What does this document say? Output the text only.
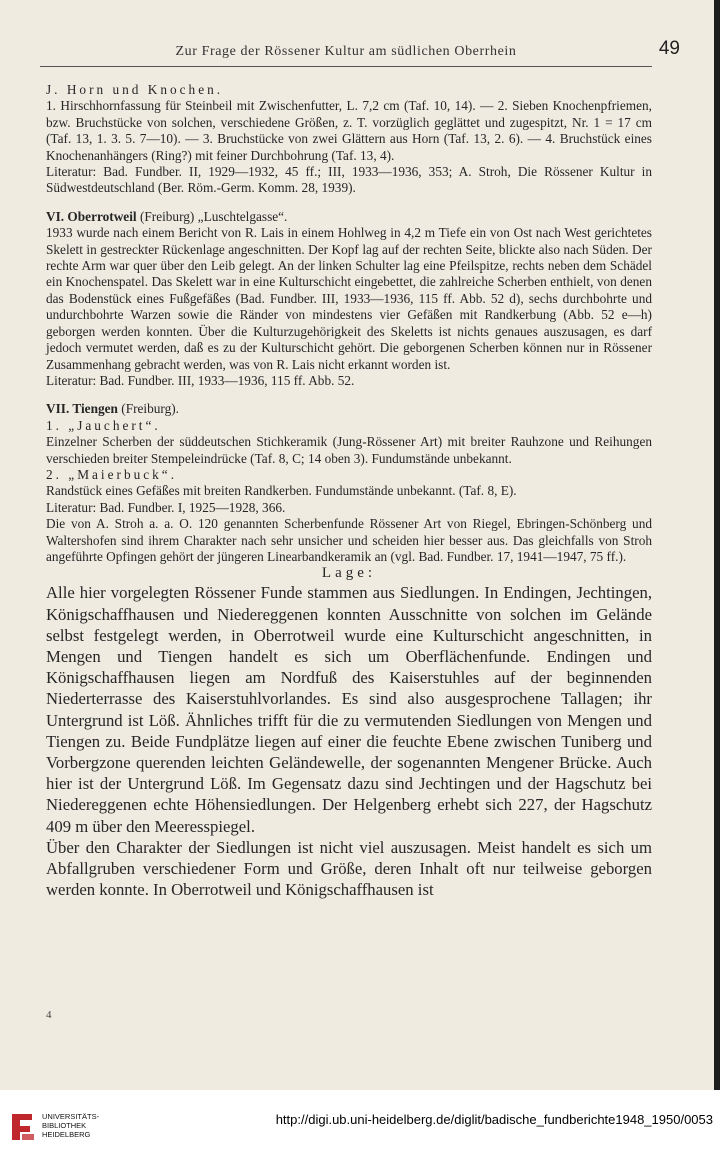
Zur Frage der Rössener Kultur am südlichen Oberrhein	49

J. Horn und Knochen.

1. Hirschhornfassung für Steinbeil mit Zwischenfutter, L. 7,2 cm (Taf. 10, 14). — 2. Sieben Knochenpfriemen, bzw. Bruchstücke von solchen, verschiedene Größen, z. T. vorzüglich geglättet und zugespitzt, Nr. 1 = 17 cm (Taf. 13, 1. 3. 5. 7—10). — 3. Bruchstücke von zwei Glättern aus Horn (Taf. 13, 2. 6). — 4. Bruchstück eines Knochenanhängers (Ring?) mit feiner Durchbohrung (Taf. 13, 4).

Literatur: Bad. Fundber. II, 1929—1932, 45 ff.; III, 1933—1936, 353; A. Stroh, Die Rössener Kultur in Südwestdeutschland (Ber. Röm.-Germ. Komm. 28, 1939).

VI. Oberrotweil (Freiburg) „Luschtelgasse“.

1933 wurde nach einem Bericht von R. Lais in einem Hohlweg in 4,2 m Tiefe ein von Ost nach West gerichtetes Skelett in gestreckter Rückenlage angeschnitten. Der Kopf lag auf der rechten Seite, blickte also nach Süden. Der rechte Arm war quer über den Leib gelegt. An der linken Schulter lag eine Pfeilspitze, rechts neben dem Schädel ein Knochenspatel. Das Skelett war in eine Kulturschicht eingebettet, die zahlreiche Scherben enthielt, von denen das Bodenstück eines Fußgefäßes (Bad. Fundber. III, 1933—1936, 115 ff. Abb. 52 d), sechs durchbohrte und undurchbohrte Warzen sowie die Ränder von mindestens vier Gefäßen mit Randkerbung (Abb. 52 e—h) geborgen werden konnten. Über die Kulturzugehörigkeit des Skeletts ist nichts genaues auszusagen, es darf jedoch vermutet werden, daß es zu der Kulturschicht gehört. Die geborgenen Scherben können nur in Rössener Zusammenhang gebracht werden, was von R. Lais nicht erkannt worden ist.

Literatur: Bad. Fundber. III, 1933—1936, 115 ff. Abb. 52.

VII. Tiengen (Freiburg).

1. „Jauchert“.

Einzelner Scherben der süddeutschen Stichkeramik (Jung-Rössener Art) mit breiter Rauhzone und Reihungen verschieden breiter Stempeleindrücke (Taf. 8, C; 14 oben 3). Fundumstände unbekannt.

2. „Maierbuck“.

Randstück eines Gefäßes mit breiten Randkerben. Fundumstände unbekannt. (Taf. 8, E).

Literatur: Bad. Fundber. I, 1925—1928, 366.

Die von A. Stroh a. a. O. 120 genannten Scherbenfunde Rössener Art von Riegel, Ebringen-Schönberg und Waltershofen sind ihrem Charakter nach sehr unsicher und scheiden hier besser aus. Das gleichfalls von Stroh angeführte Opfingen gehört der jüngeren Linearbandkeramik an (vgl. Bad. Fundber. 17, 1941—1947, 75 ff.).

Lage:

Alle hier vorgelegten Rössener Funde stammen aus Siedlungen. In Endingen, Jechtingen, Königschaffhausen und Niedereggenen konnten Ausschnitte von solchen im Gelände selbst festgelegt werden, in Oberrotweil wurde eine Kulturschicht angeschnitten, in Mengen und Tiengen handelt es sich um Oberflächenfunde. Endingen und Königschaffhausen liegen am Nordfuß des Kaiserstuhles auf der beginnenden Niederterrasse des Kaiserstuhlvorlandes. Es sind also ausgesprochene Tallagen; ihr Untergrund ist Löß. Ähnliches trifft für die zu vermutenden Siedlungen von Mengen und Tiengen zu. Beide Fundplätze liegen auf einer die feuchte Ebene zwischen Tuniberg und Vorbergzone querenden leichten Geländewelle, der sogenannten Mengener Brücke. Auch hier ist der Untergrund Löß. Im Gegensatz dazu sind Jechtingen und der Hagschutz bei Niedereggenen echte Höhensiedlungen. Der Helgenberg erhebt sich 227, der Hagschutz 409 m über den Meeresspiegel.

Über den Charakter der Siedlungen ist nicht viel auszusagen. Meist handelt es sich um Abfallgruben verschiedener Form und Größe, deren Inhalt oft nur teilweise geborgen werden konnte. In Oberrotweil und Königschaffhausen ist

4
UNIVERSITÄTS-
BIBLIOTHEK
HEIDELBERG
http://digi.ub.uni-heidelberg.de/diglit/badische_fundberichte1948_1950/0053
